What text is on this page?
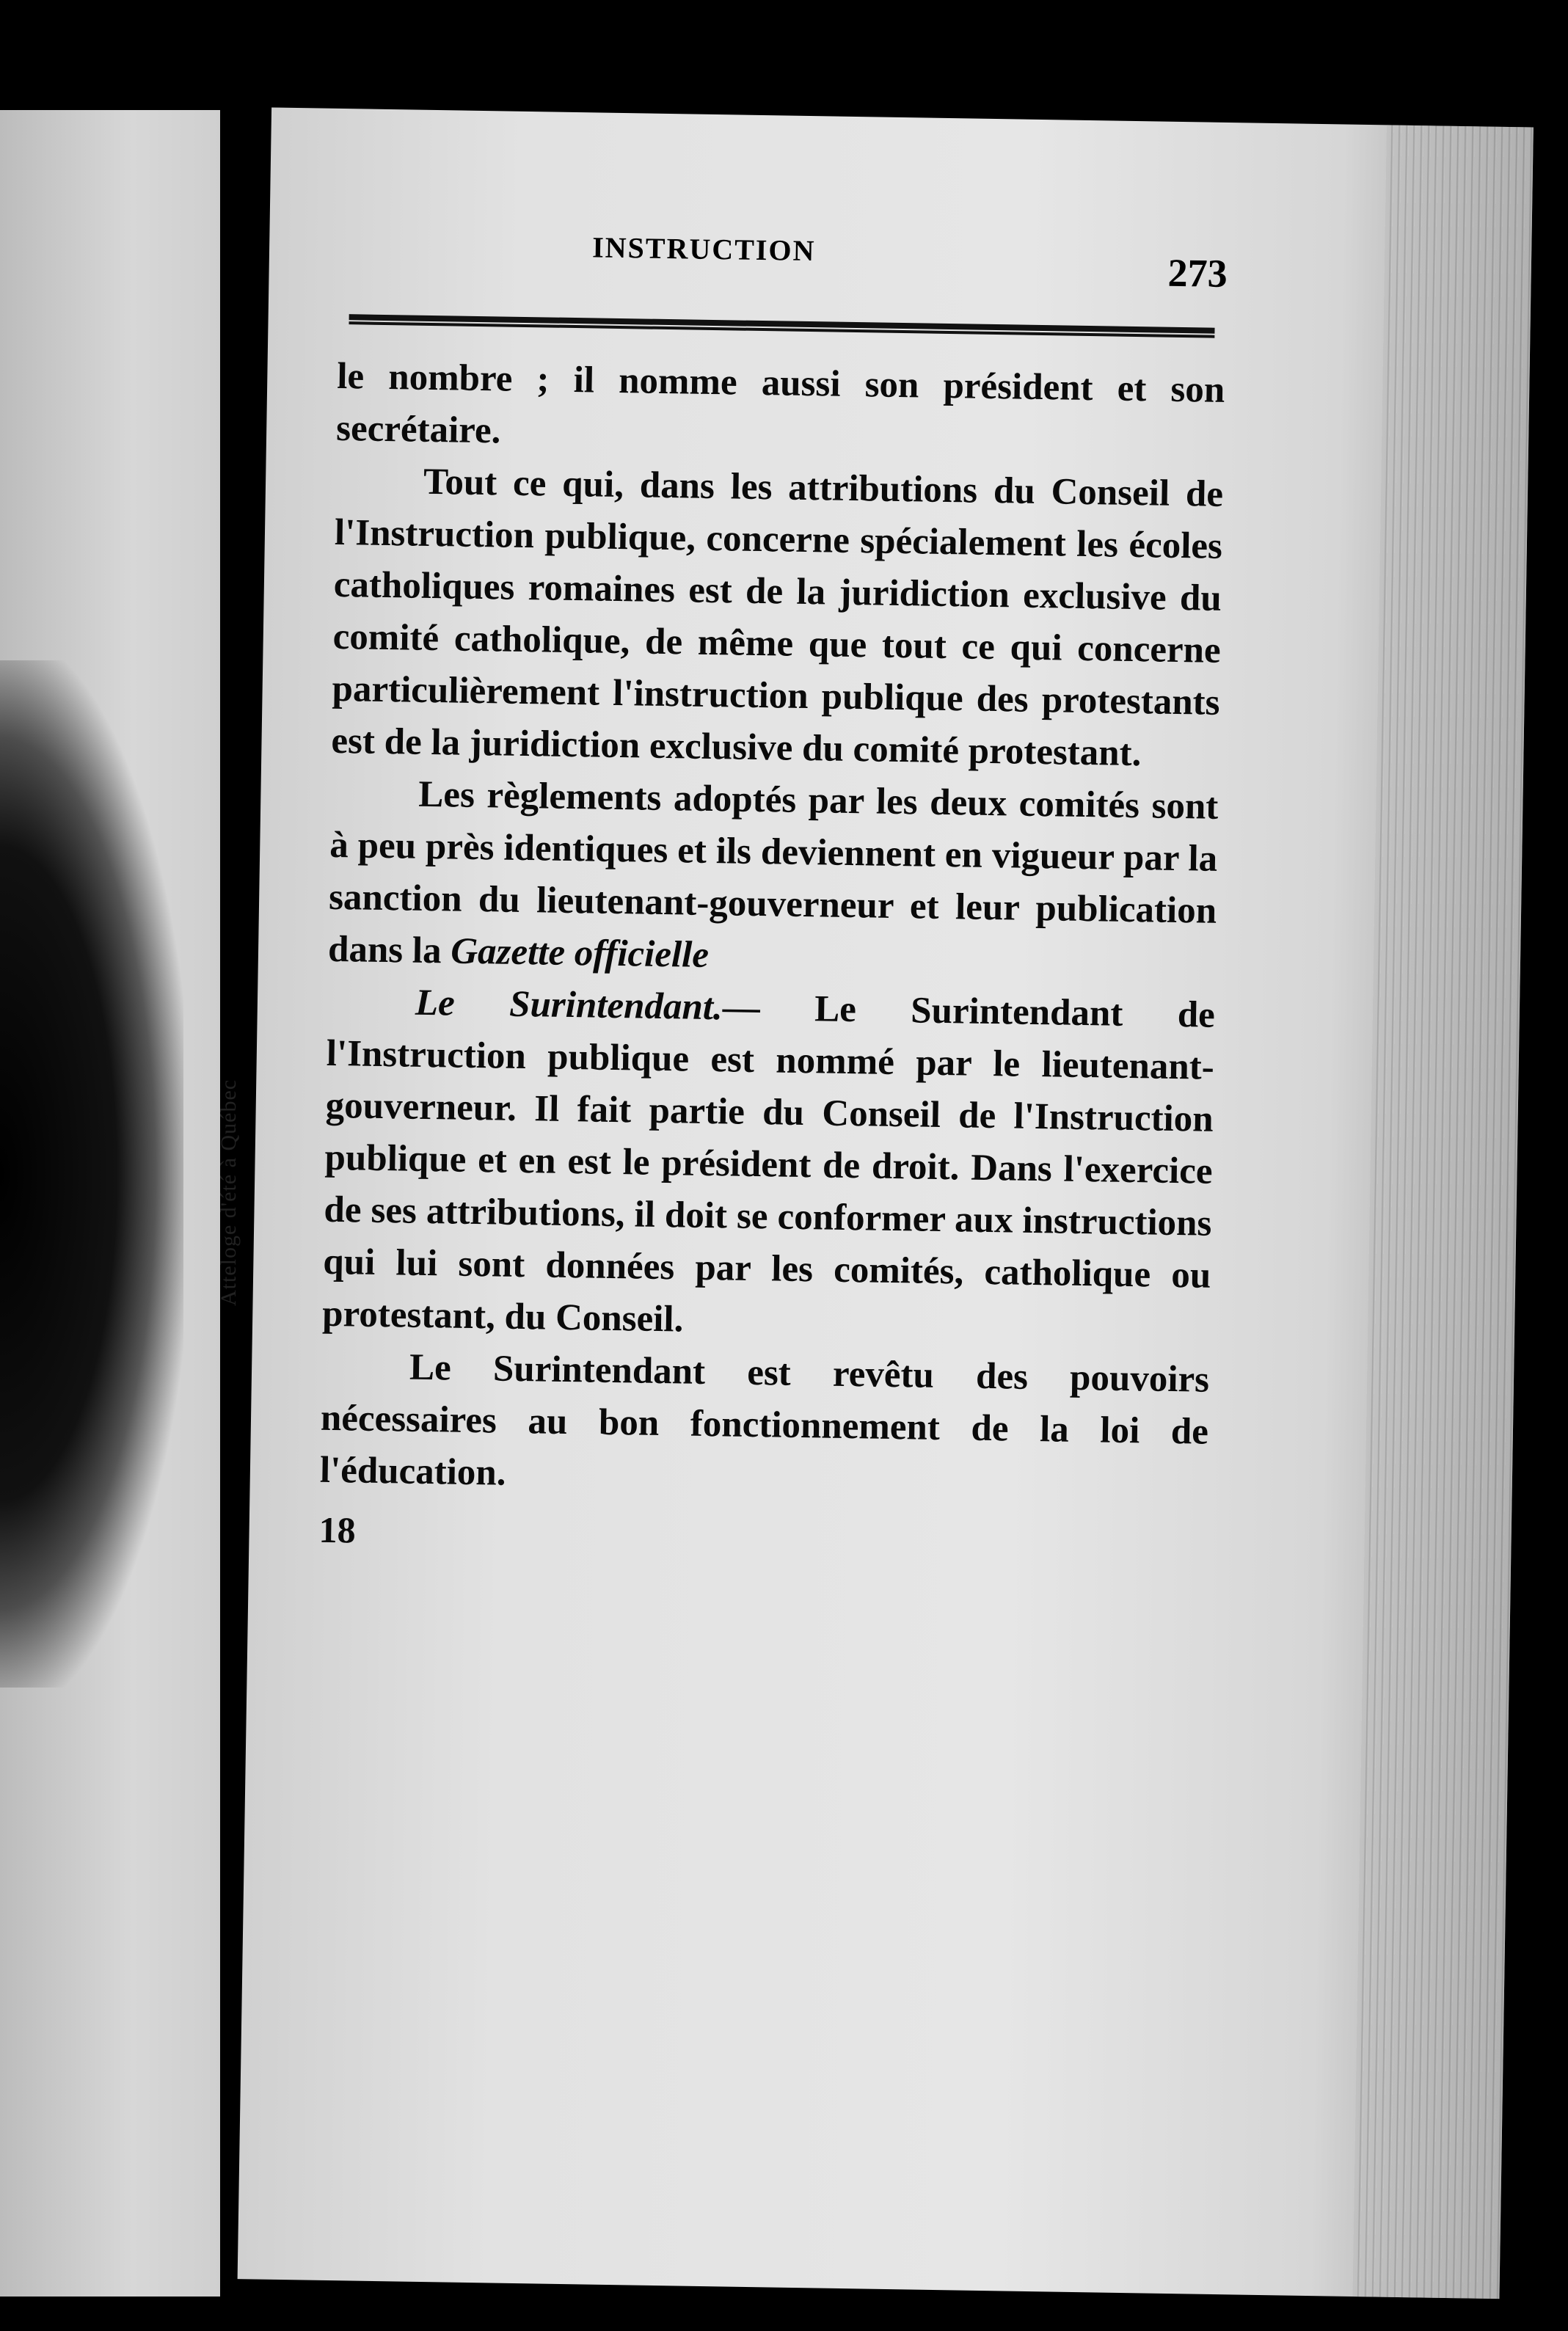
Atteloge d'été à Québec
INSTRUCTION
273

le nombre ; il nomme aussi son président et son secrétaire.

Tout ce qui, dans les attributions du Conseil de l'Instruction publique, concerne spécialement les écoles catholiques romaines est de la juridiction exclusive du comité catholique, de même que tout ce qui concerne particulièrement l'instruction publique des protestants est de la juridiction exclusive du comité protestant.

Les règlements adoptés par les deux comités sont à peu près identiques et ils deviennent en vigueur par la sanction du lieutenant-gouverneur et leur publication dans la Gazette officielle

Le Surintendant.— Le Surintendant de l'Instruction publique est nommé par le lieutenant-gouverneur. Il fait partie du Conseil de l'Instruction publique et en est le président de droit. Dans l'exercice de ses attributions, il doit se conformer aux instructions qui lui sont données par les comités, catholique ou protestant, du Conseil.

Le Surintendant est revêtu des pouvoirs nécessaires au bon fonctionnement de la loi de l'éducation.

18
